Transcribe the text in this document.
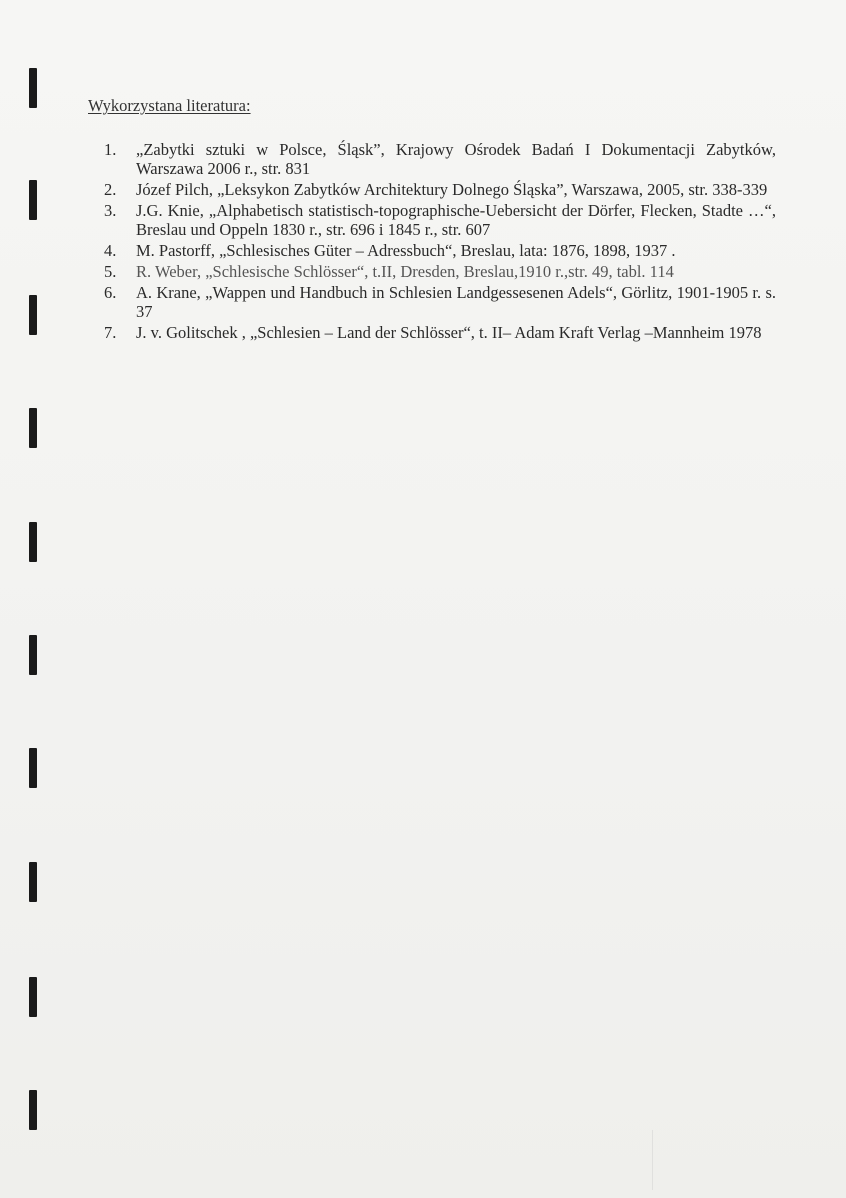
Wykorzystana literatura:
1. „Zabytki sztuki w Polsce, Śląsk”, Krajowy Ośrodek Badań I Dokumentacji Zabytków, Warszawa 2006 r., str. 831
2. Józef Pilch, „Leksykon Zabytków Architektury Dolnego Śląska”, Warszawa, 2005, str. 338-339
3. J.G. Knie, „Alphabetisch statistisch-topographische-Uebersicht der Dörfer, Flecken, Stadte …“, Breslau und Oppeln 1830 r., str. 696 i 1845 r., str. 607
4. M. Pastorff, „Schlesisches Güter – Adressbuch“, Breslau, lata: 1876, 1898, 1937 .
5. R. Weber, „Schlesische Schlösser“, t.II, Dresden, Breslau,1910 r.,str. 49, tabl. 114
6. A. Krane, „Wappen und Handbuch in Schlesien Landgessesenen Adels“, Görlitz, 1901-1905 r. s. 37
7. J. v. Golitschek , „Schlesien – Land der Schlösser“, t. II– Adam Kraft Verlag –Mannheim 1978
